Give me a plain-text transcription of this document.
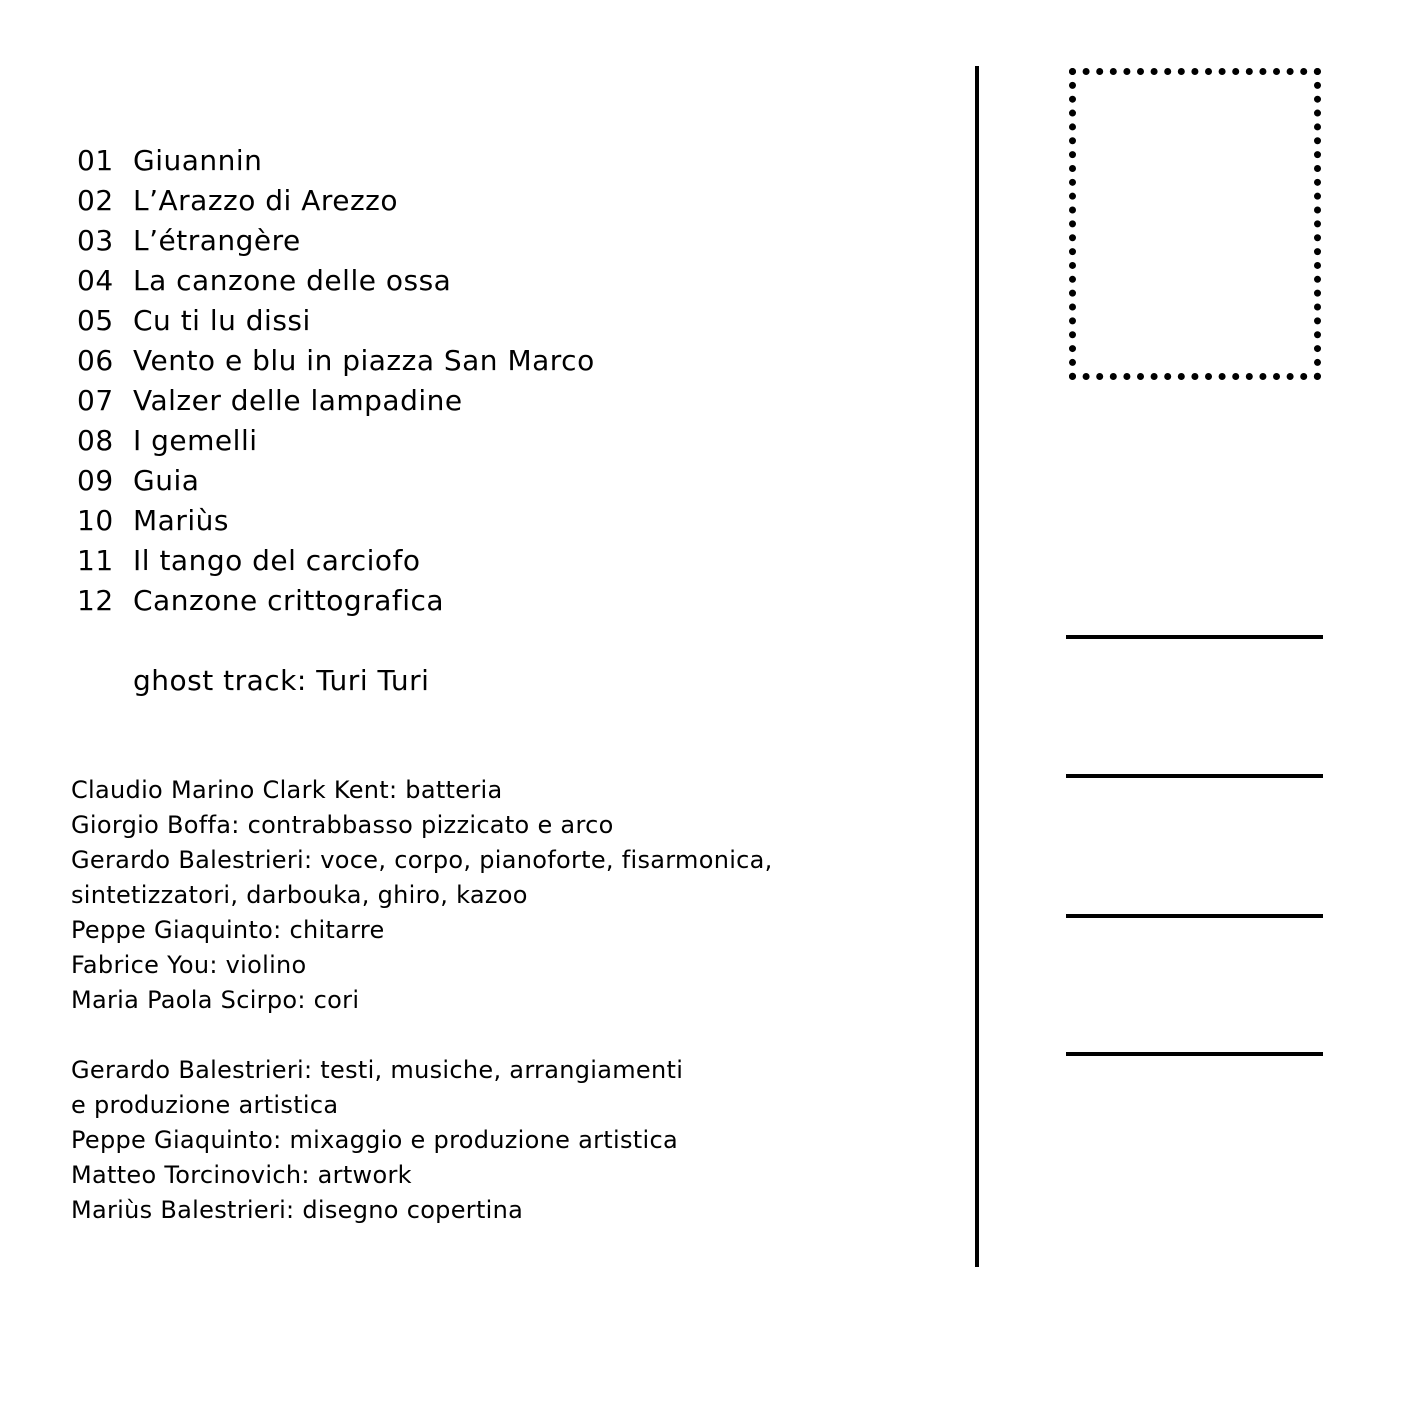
01 Giuannin
02 L’Arazzo di Arezzo
03 L’étrangère
04 La canzone delle ossa
05 Cu ti lu dissi
06 Vento e blu in piazza San Marco
07 Valzer delle lampadine
08 I gemelli
09 Guia
10 Mariùs
11 Il tango del carciofo
12 Canzone crittografica
ghost track: Turi Turi
Claudio Marino Clark Kent: batteria
Giorgio Boffa: contrabbasso pizzicato e arco
Gerardo Balestrieri: voce, corpo, pianoforte, fisarmonica,
sintetizzatori, darbouka, ghiro, kazoo
Peppe Giaquinto: chitarre
Fabrice You: violino
Maria Paola Scirpo: cori
Gerardo Balestrieri: testi, musiche, arrangiamenti
e produzione artistica
Peppe Giaquinto: mixaggio e produzione artistica
Matteo Torcinovich: artwork
Mariùs Balestrieri: disegno copertina
